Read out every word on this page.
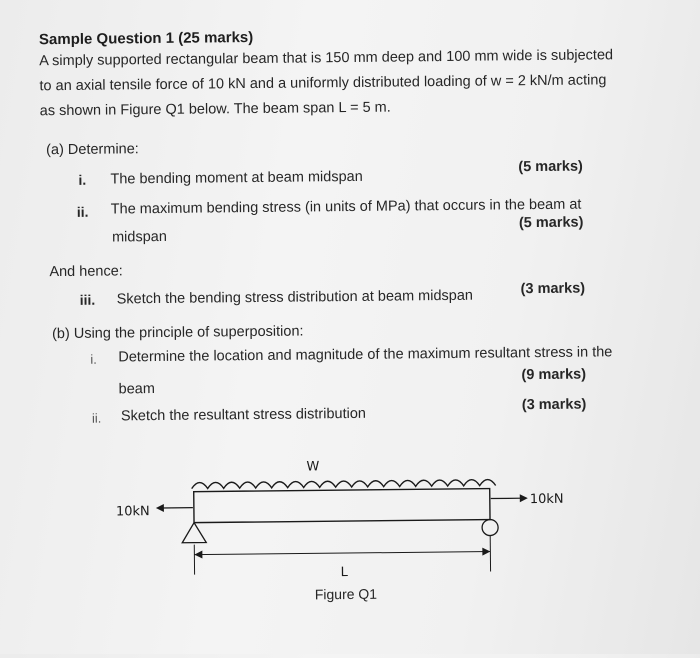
Sample Question 1 (25 marks)
A simply supported rectangular beam that is 150 mm deep and 100 mm wide is subjected
to an axial tensile force of 10 kN and a uniformly distributed loading of w = 2 kN/m acting
as shown in Figure Q1 below. The beam span L = 5 m.
(a) Determine:
i. The bending moment at beam midspan
(5 marks)
ii. The maximum bending stress (in units of MPa) that occurs in the beam at
midspan
(5 marks)
And hence:
iii. Sketch the bending stress distribution at beam midspan	(3 marks)
(b) Using the principle of superposition:
i. Determine the location and magnitude of the maximum resultant stress in the
beam
(9 marks)
ii. Sketch the resultant stress distribution
(3 marks)
W
10kN
10kN
L
Figure Q1
